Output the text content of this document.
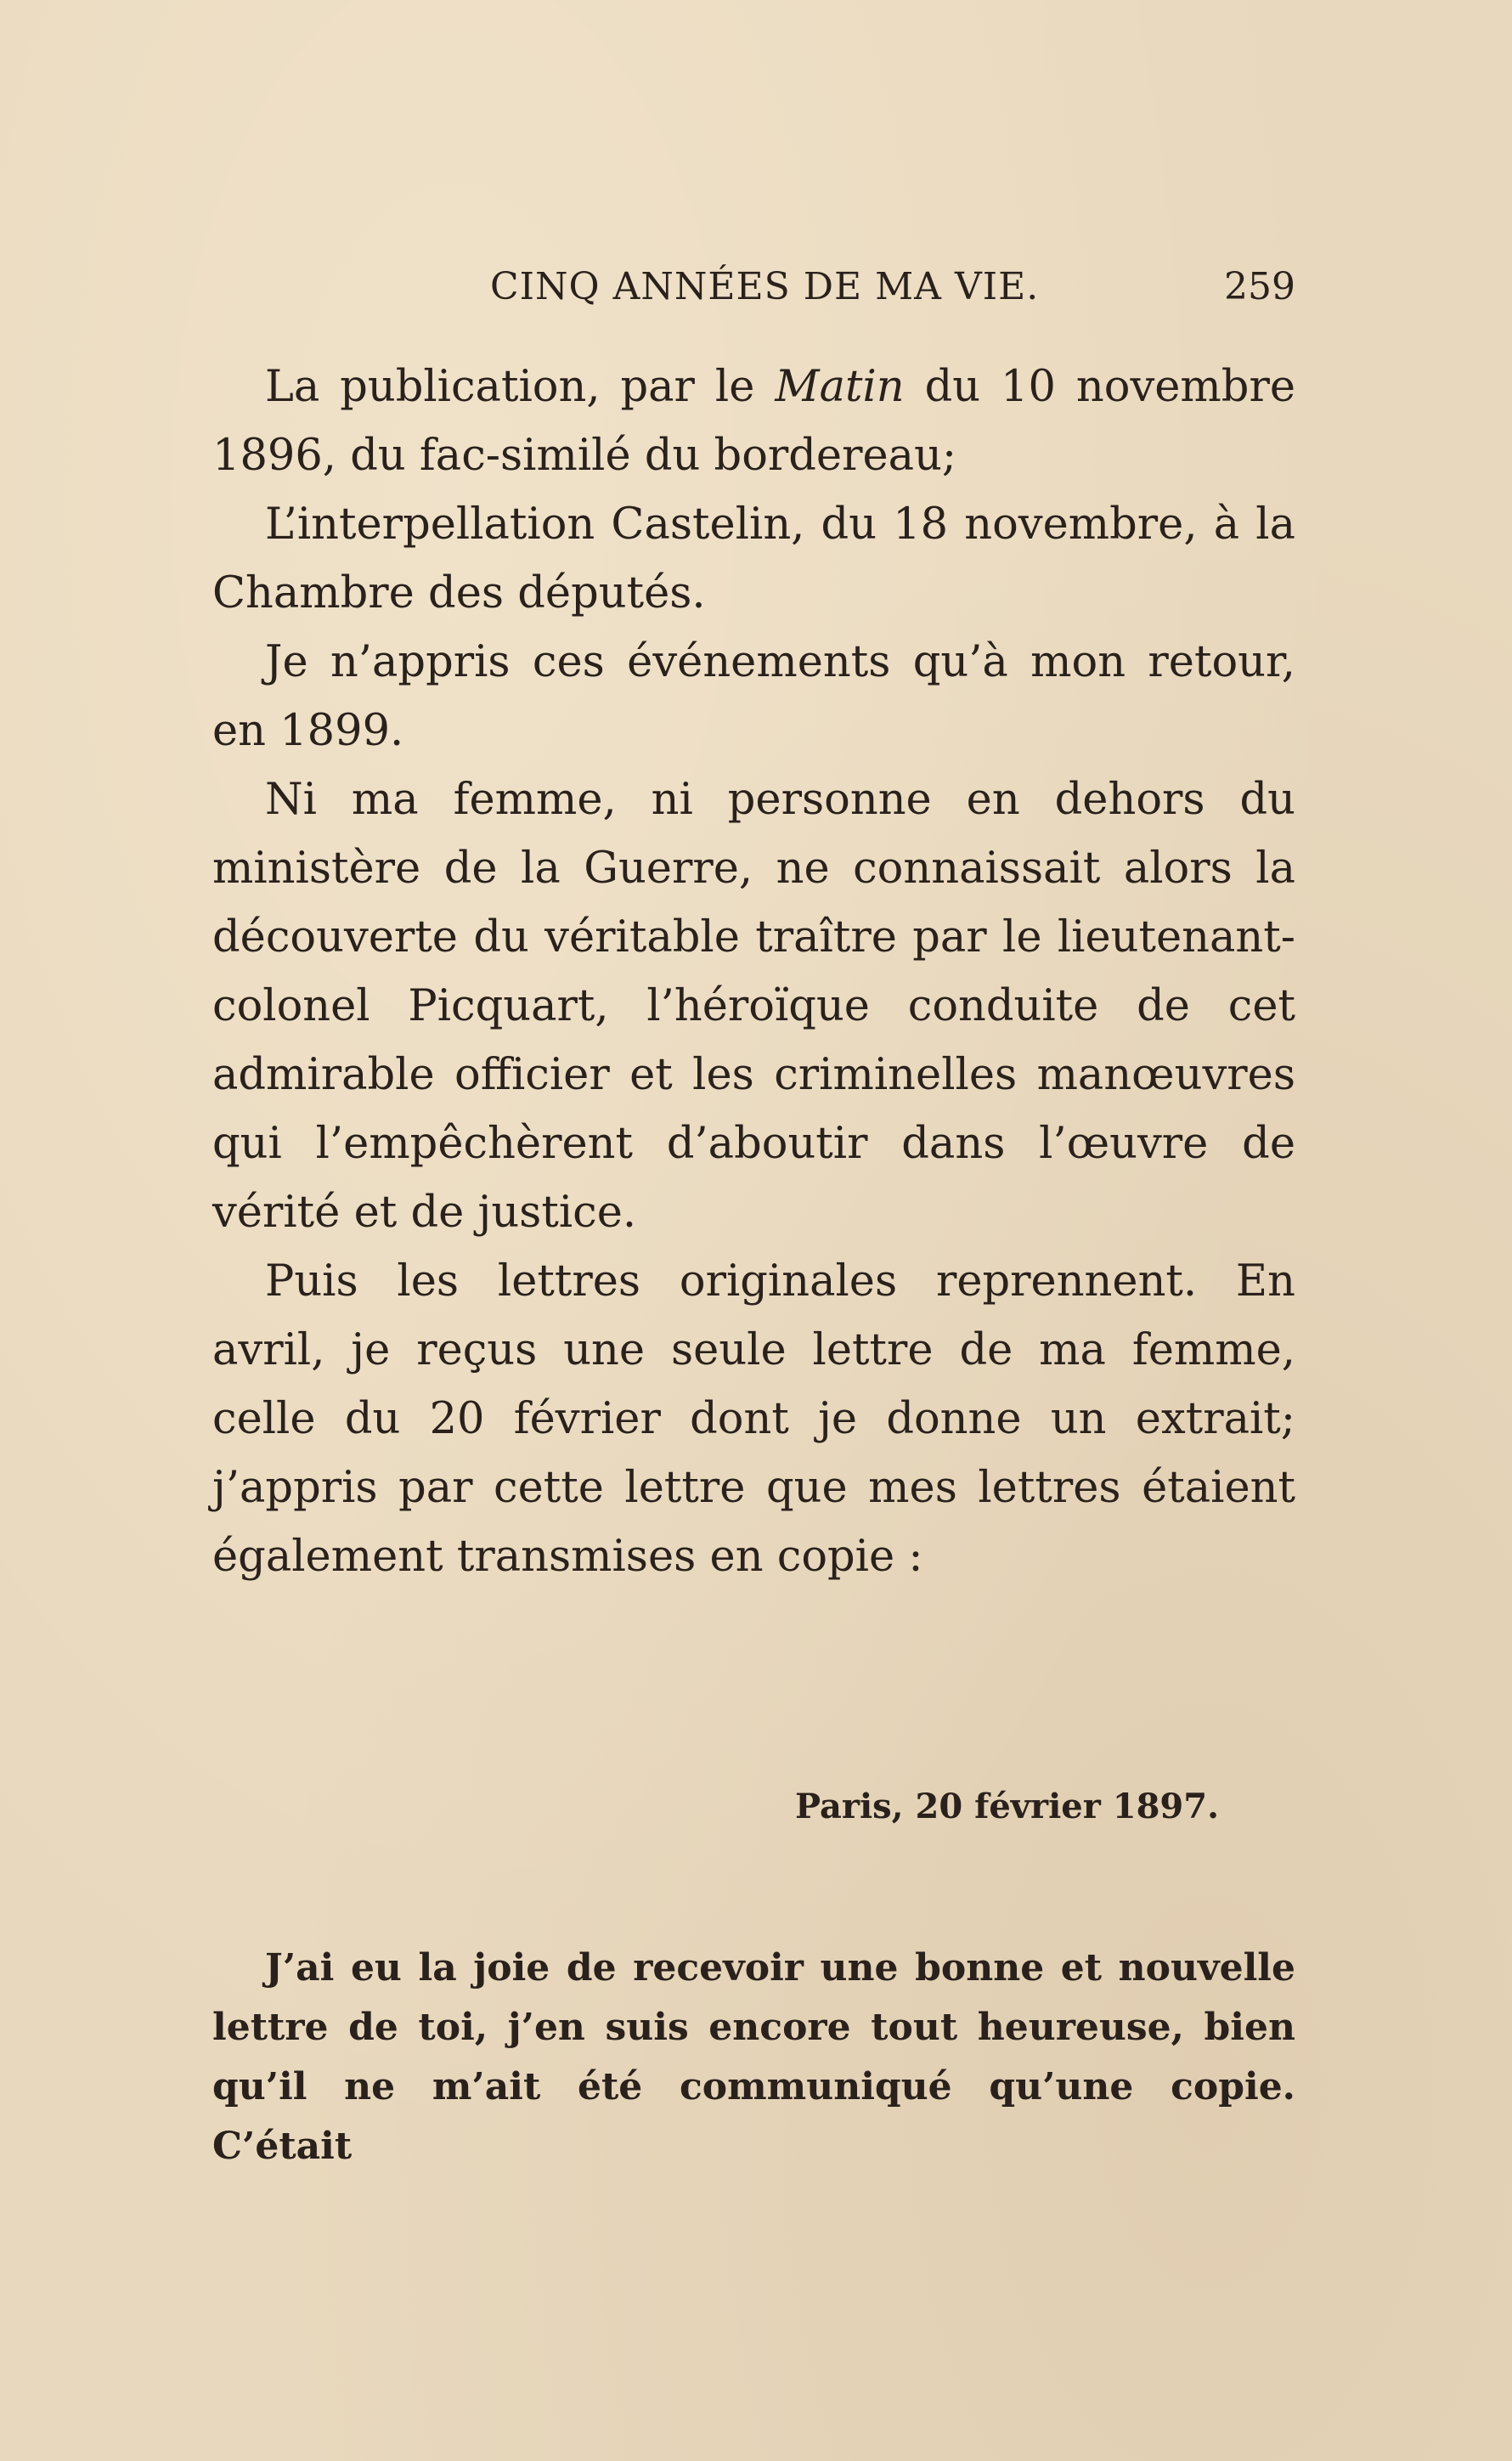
CINQ ANNÉES DE MA VIE.	259

La publication, par le Matin du 10 novembre 1896, du fac-similé du bordereau;

L’interpellation Castelin, du 18 novembre, à la Chambre des députés.

Je n’appris ces événements qu’à mon retour, en 1899.

Ni ma femme, ni personne en dehors du ministère de la Guerre, ne connaissait alors la découverte du véritable traître par le lieutenant-colonel Picquart, l’héroïque conduite de cet admirable officier et les criminelles manœuvres qui l’empêchèrent d’aboutir dans l’œuvre de vérité et de justice.

Puis les lettres originales reprennent. En avril, je reçus une seule lettre de ma femme, celle du 20 février dont je donne un extrait; j’appris par cette lettre que mes lettres étaient également transmises en copie :

Paris, 20 février 1897.

J’ai eu la joie de recevoir une bonne et nouvelle lettre de toi, j’en suis encore tout heureuse, bien qu’il ne m’ait été communiqué qu’une copie. C’était
